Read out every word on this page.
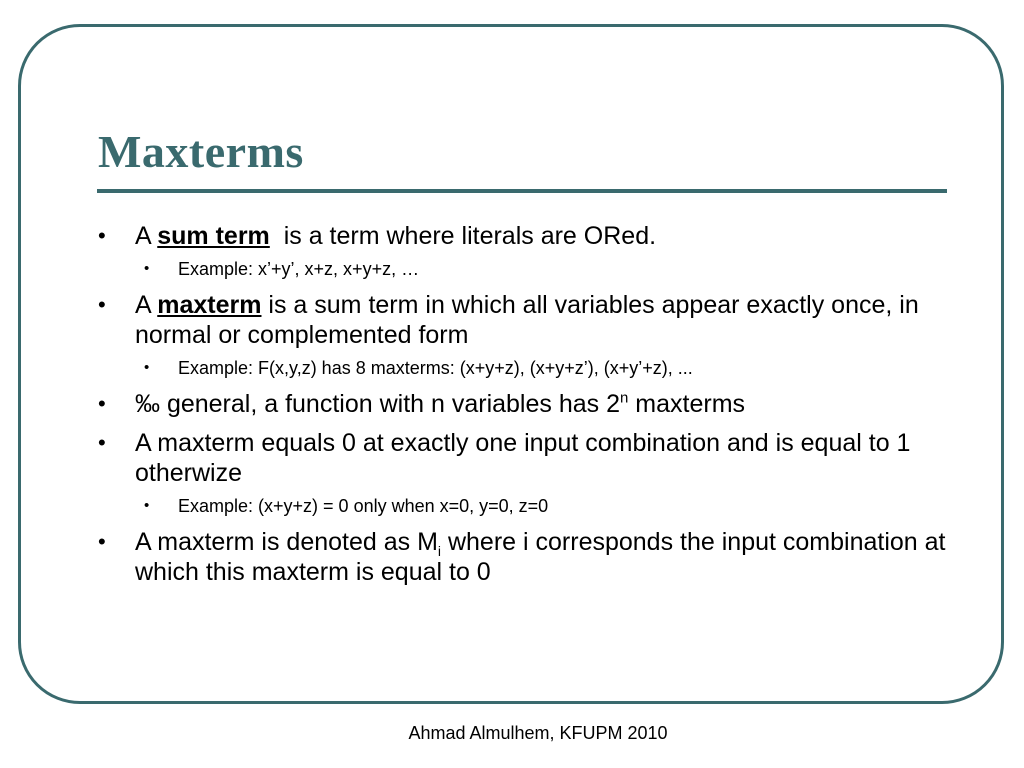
Maxterms
• A sum term  is a term where literals are ORed.
• Example: x’+y’, x+z, x+y+z, …
• A maxterm is a sum term in which all variables appear exactly once, in normal or complemented form
• Example: F(x,y,z) has 8 maxterms: (x+y+z), (x+y+z’), (x+y’+z), ...
• ‰ general, a function with n variables has 2$^n$ maxterms
• A maxterm equals 0 at exactly one input combination and is equal to 1 otherwize
• Example: (x+y+z) = 0 only when x=0, y=0, z=0
• A maxterm is denoted as $M_i$ where i corresponds the input combination at which this maxterm is equal to 0
Ahmad Almulhem, KFUPM 2010
